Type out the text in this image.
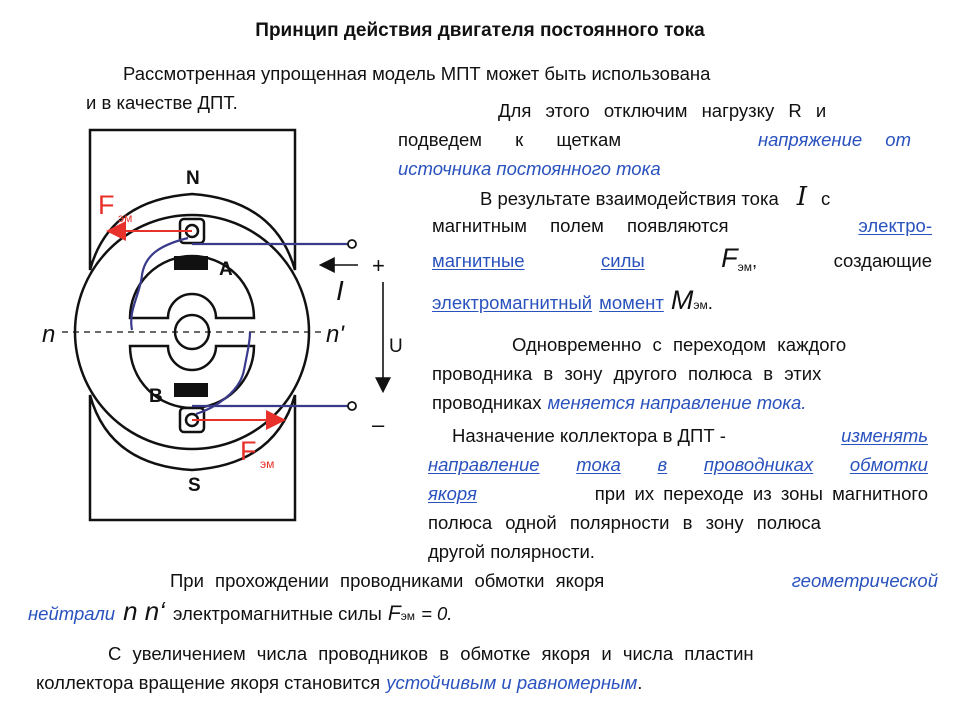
Принцип действия двигателя постоянного тока
Рассмотренная упрощенная модель МПТ может быть использована
и в качестве ДПТ.	Для этого отключим нагрузку R и
подведем к щеткам	напряжение от
источника постоянного тока
В результате взаимодействия тока I с
магнитным полем появляются	электро-
магнитные	силы	$F_{эм}$,	создающие
электромагнитный момент M эм .
Одновременно с переходом каждого
проводника в зону другого полюса в этих
проводниках меняется направление тока.
Назначение коллектора в ДПТ -	изменять
направление тока в проводниках обмотки
якоря	при их переходе из зоны магнитного
полюса одной полярности в зону полюса
другой полярности.
При прохождении проводниками обмотки якоря	геометрической
нейтрали n n‘ электромагнитные силы F эм = 0.
С увеличением числа проводников в обмотке якоря и числа пластин
коллектора вращение якоря становится устойчивым и равномерным .
N
S
A
B
n	n'
F эм
F эм
+
–
I
U
